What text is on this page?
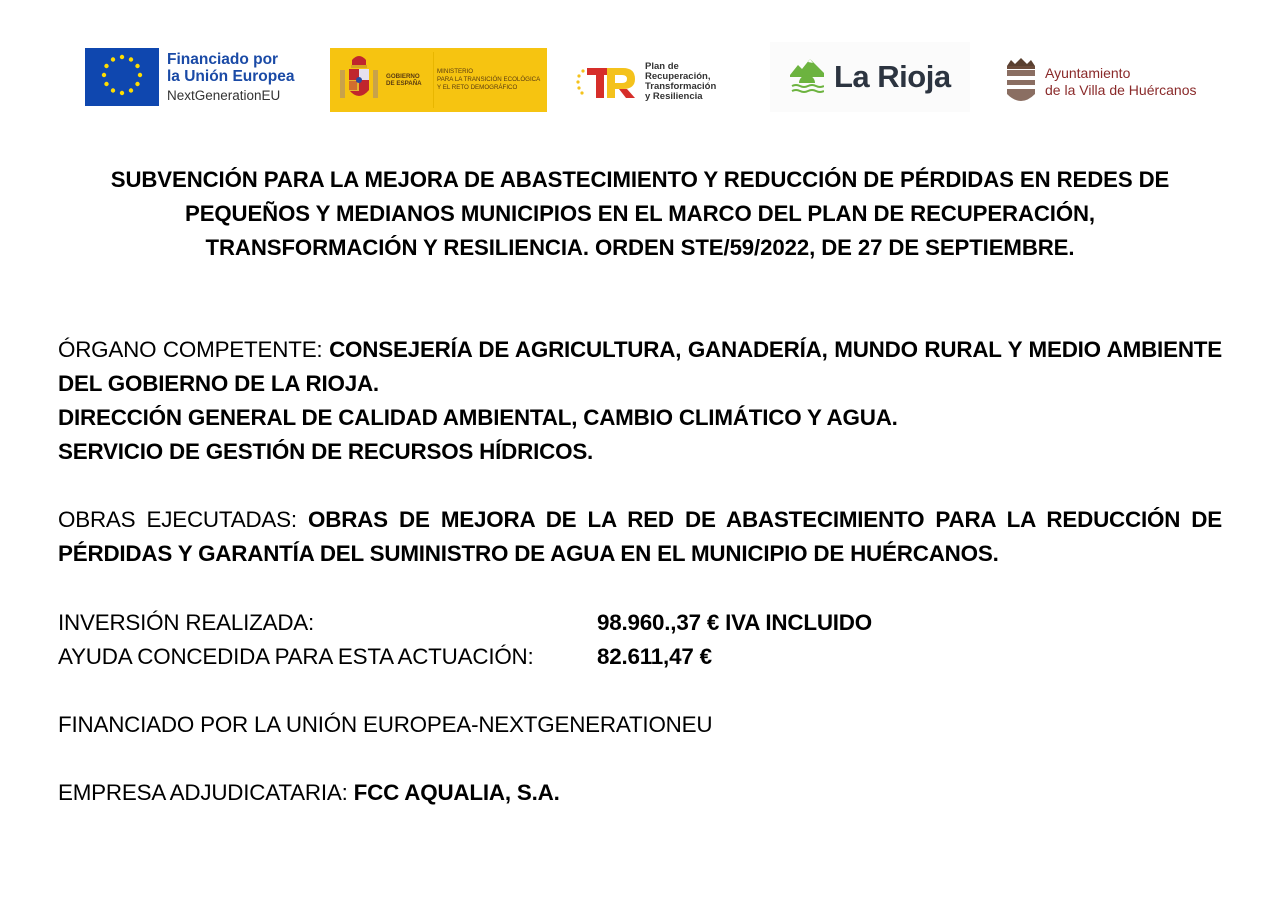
Financiado por
la Unión Europea
NextGenerationEU
GOBIERNO
DE ESPAÑA
MINISTERIO
PARA LA TRANSICIÓN ECOLÓGICA
Y EL RETO DEMOGRÁFICO
Plan de
Recuperación,
Transformación
y Resiliencia
La Rioja	Ayuntamiento
de la Villa de Huércanos
SUBVENCIÓN PARA LA MEJORA DE ABASTECIMIENTO Y REDUCCIÓN DE PÉRDIDAS EN REDES DE
PEQUEÑOS Y MEDIANOS MUNICIPIOS EN EL MARCO DEL PLAN DE RECUPERACIÓN,
TRANSFORMACIÓN Y RESILIENCIA. ORDEN STE/59/2022, DE 27 DE SEPTIEMBRE.
ÓRGANO COMPETENTE: CONSEJERÍA DE AGRICULTURA, GANADERÍA, MUNDO RURAL Y MEDIO AMBIENTE DEL GOBIERNO DE LA RIOJA.
DIRECCIÓN GENERAL DE CALIDAD AMBIENTAL, CAMBIO CLIMÁTICO Y AGUA.
SERVICIO DE GESTIÓN DE RECURSOS HÍDRICOS.
OBRAS EJECUTADAS: OBRAS DE MEJORA DE LA RED DE ABASTECIMIENTO PARA LA REDUCCIÓN DE PÉRDIDAS Y GARANTÍA DEL SUMINISTRO DE AGUA EN EL MUNICIPIO DE HUÉRCANOS.
INVERSIÓN REALIZADA:	98.960.,37 € IVA INCLUIDO
AYUDA CONCEDIDA PARA ESTA ACTUACIÓN:	82.611,47 €
FINANCIADO POR LA UNIÓN EUROPEA-NEXTGENERATIONEU
EMPRESA ADJUDICATARIA: FCC AQUALIA, S.A.
